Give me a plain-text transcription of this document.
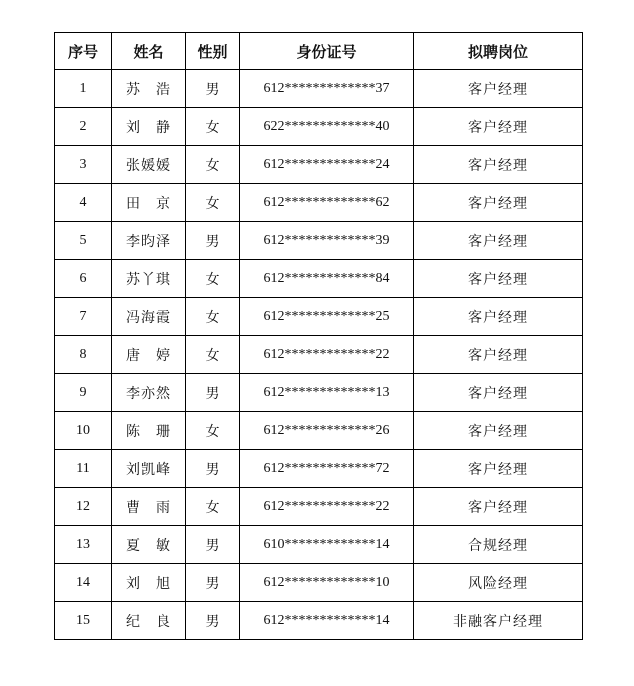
序号	姓名	性别	身份证号	拟聘岗位
1	苏　浩	男	612*************37	客户经理
2	刘　静	女	622*************40	客户经理
3	张媛媛	女	612*************24	客户经理
4	田　京	女	612*************62	客户经理
5	李昀泽	男	612*************39	客户经理
6	苏丫琪	女	612*************84	客户经理
7	冯海霞	女	612*************25	客户经理
8	唐　婷	女	612*************22	客户经理
9	李亦然	男	612*************13	客户经理
10	陈　珊	女	612*************26	客户经理
11	刘凯峰	男	612*************72	客户经理
12	曹　雨	女	612*************22	客户经理
13	夏　敏	男	610*************14	合规经理
14	刘　旭	男	612*************10	风险经理
15	纪　良	男	612*************14	非融客户经理
